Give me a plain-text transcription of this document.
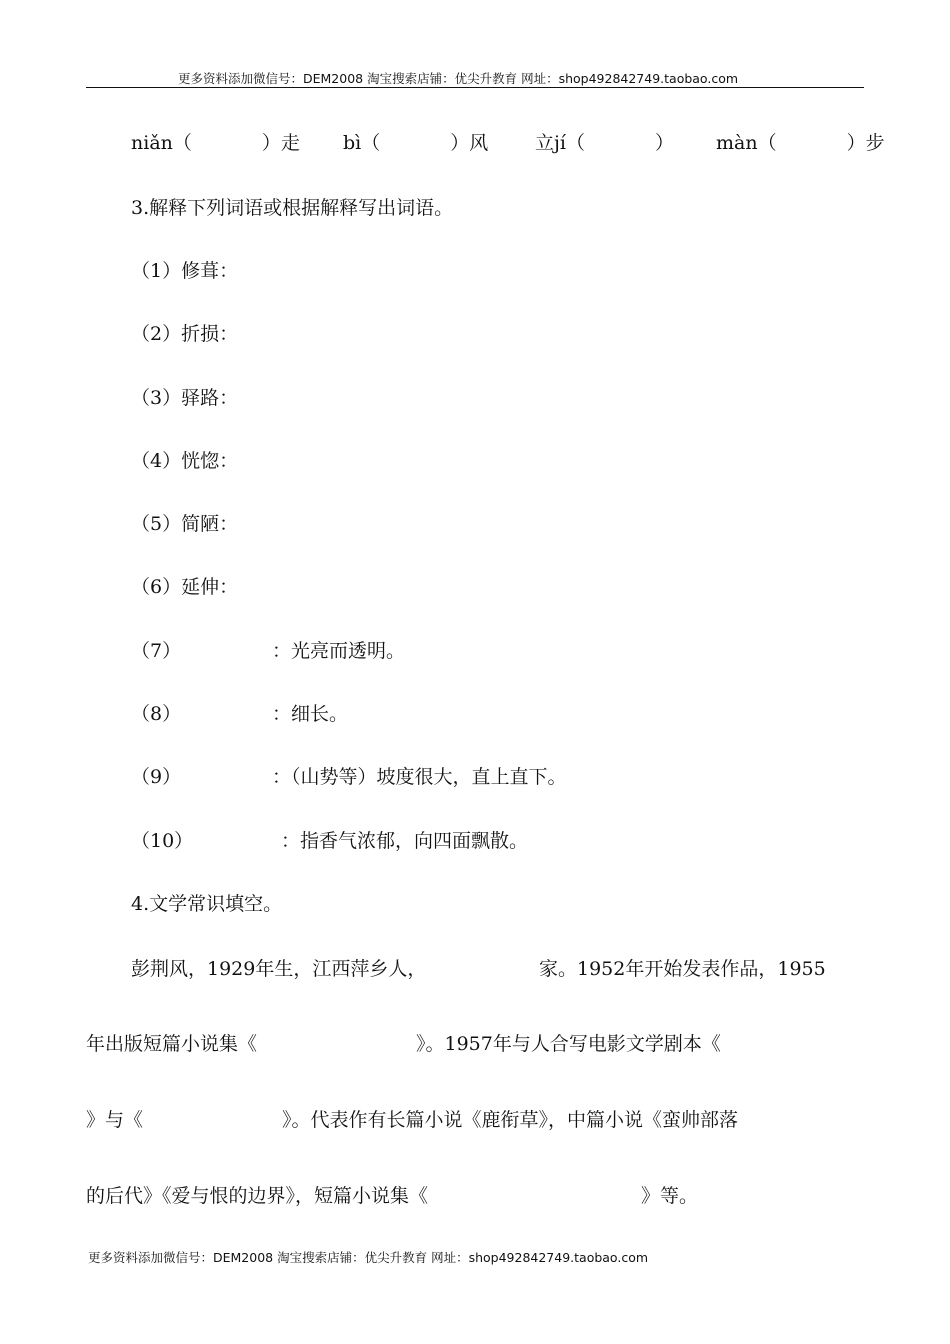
更多资料添加微信号：DEM2008 淘宝搜索店铺：优尖升教育 网址：shop492842749.taobao.com
niǎn（	）走 bì（	）风 立jí（	） màn（	）步
3.解释下列词语或根据解释写出词语。
（1）修葺：
（2）折损：
（3）驿路：
（4）恍惚：
（5）简陋：
（6）延伸：
（7）	：光亮而透明。
（8）	：细长。
（9）	：（山势等）坡度很大，直上直下。
（10）	：指香气浓郁，向四面飘散。
4.文学常识填空。
彭荆风，1929年生，江西萍乡人，	家。1952年开始发表作品，1955
年出版短篇小说集《	》。1957年与人合写电影文学剧本《
》与《	》。代表作有长篇小说《鹿衔草》，中篇小说《蛮帅部落
的后代》《爱与恨的边界》，短篇小说集《	》等。
更多资料添加微信号：DEM2008 淘宝搜索店铺：优尖升教育 网址：shop492842749.taobao.com
